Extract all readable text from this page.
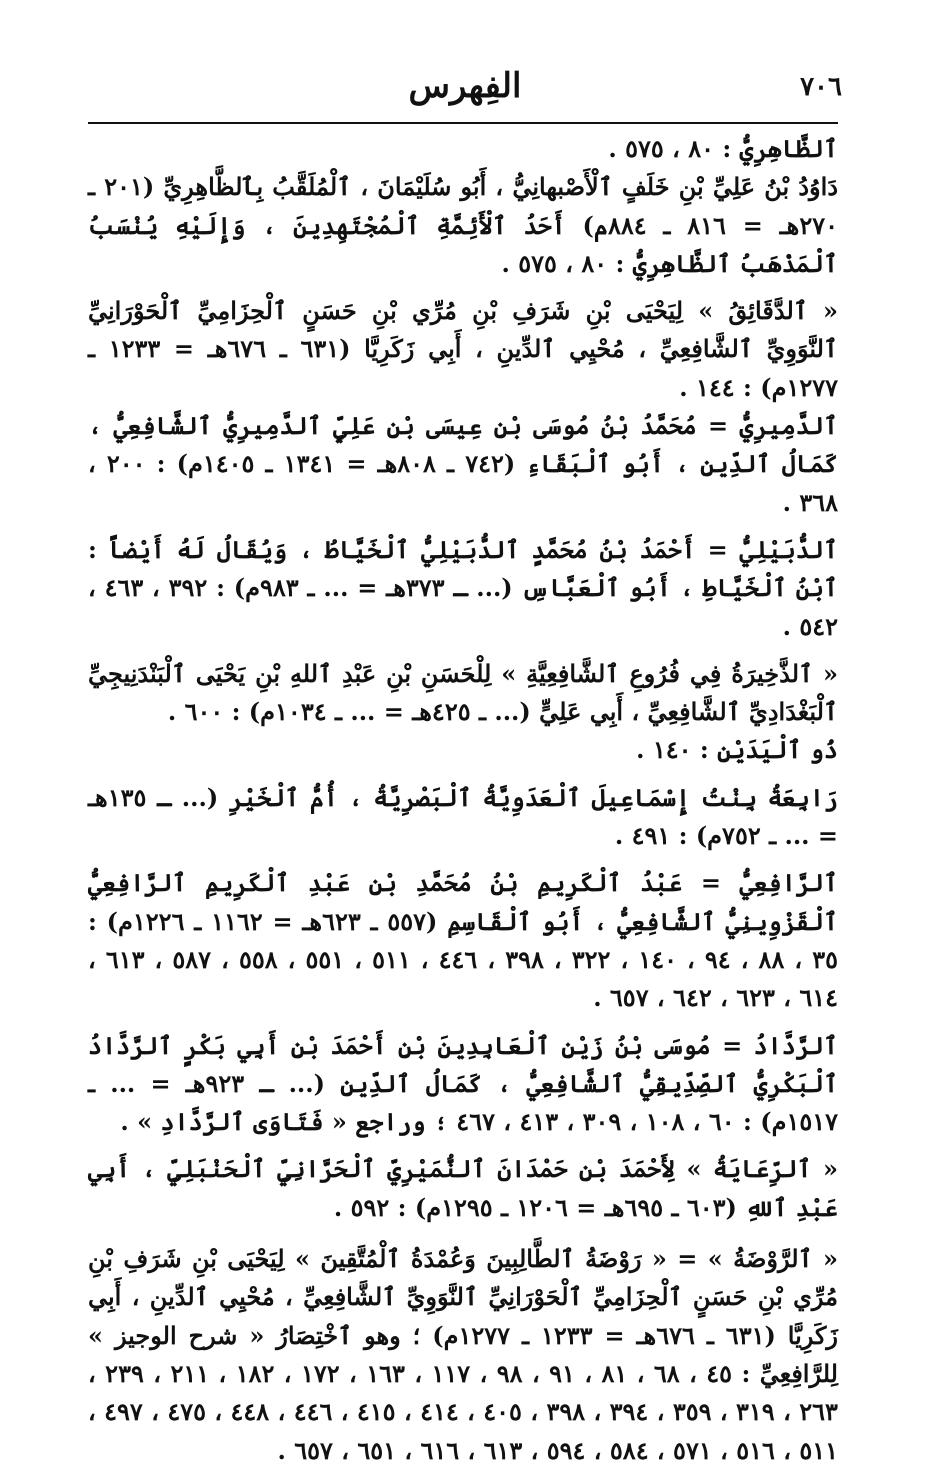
٧٠٦
الفِهرس

ٱلظَّاهِرِيُّ : ٨٠ ، ٥٧٥ .

دَاوُدُ بْنُ عَلِيِّ بْنِ خَلَفٍ ٱلْأَصْبهانِيُّ ، أَبُو سُلَيْمَانَ ، ٱلْمُلَقَّبُ بِٱلظَّاهِرِيِّ (٢٠١ ـ ٢٧٠هـ = ٨١٦ ـ ٨٨٤م) أَحَدُ ٱلْأَئِمَّةِ ٱلْمُجْتَهِدِينَ ، وَإِلَيْهِ يُنْسَبُ ٱلْمَذْهَبُ ٱلظَّاهِرِيُّ : ٨٠ ، ٥٧٥ .

« ٱلدَّقَائِقُ » لِيَحْيَى بْنِ شَرَفِ بْنِ مُرِّي بْنِ حَسَنٍ ٱلْحِزَامِيِّ ٱلْحَوْرَانِيِّ ٱلنَّوَوِيِّ ٱلشَّافِعِيِّ ، مُحْيِي ٱلدِّينِ ، أَبِي زَكَرِيَّا (٦٣١ ـ ٦٧٦هـ = ١٢٣٣ ـ ١٢٧٧م) : ١٤٤ .

ٱلدَّمِيرِيُّ = مُحَمَّدُ بْنُ مُوسَى بْنِ عِيسَى بْنِ عَلِيٍّ ٱلدَّمِيرِيُّ ٱلشَّافِعِيُّ ، كَمَالُ ٱلدِّينِ ، أَبُو ٱلْبَقَاءِ (٧٤٢ ـ ٨٠٨هـ = ١٣٤١ ـ ١٤٠٥م) : ٢٠٠ ، ٣٦٨ .

ٱلدُّبَيْلِيُّ = أَحْمَدُ بْنُ مُحَمَّدٍ ٱلدُّبَيْلِيُّ ٱلْخَيَّاطُ ، وَيُقَالُ لَهُ أَيْضاً : ٱبْنُ ٱلْخَيَّاطِ ، أَبُو ٱلْعَبَّاسِ (... ـ ٣٧٣هـ = ... ـ ٩٨٣م) : ٣٩٢ ، ٤٦٣ ، ٥٤٢ .

« ٱلذَّخِيرَةُ فِي فُرُوعِ ٱلشَّافِعِيَّةِ » لِلْحَسَنِ بْنِ عَبْدِ ٱللهِ بْنِ يَحْيَى ٱلْبَنْدَنِيجِيِّ ٱلْبَغْدَادِيِّ ٱلشَّافِعِيِّ ، أَبِي عَلِيٍّ (... ـ ٤٢٥هـ = ... ـ ١٠٣٤م) : ٦٠٠ .

ذُو ٱلْيَدَيْنِ : ١٤٠ .

رَابِعَةُ بِنْتُ إِسْمَاعِيلَ ٱلْعَدَوِيَّةُ ٱلْبَصْرِيَّةُ ، أُمُّ ٱلْخَيْرِ (... ـ ١٣٥هـ = ... ـ ٧٥٢م) : ٤٩١ .

ٱلرَّافِعِيُّ = عَبْدُ ٱلْكَرِيمِ بْنُ مُحَمَّدِ بْنِ عَبْدِ ٱلْكَرِيمِ ٱلرَّافِعِيُّ ٱلْقَزْوِينِيُّ ٱلشَّافِعِيُّ ، أَبُو ٱلْقَاسِمِ (٥٥٧ ـ ٦٢٣هـ = ١١٦٢ ـ ١٢٢٦م) : ٣٥ ، ٨٨ ، ٩٤ ، ١٤٠ ، ٣٢٢ ، ٣٩٨ ، ٤٤٦ ، ٥١١ ، ٥٥١ ، ٥٥٨ ، ٥٨٧ ، ٦١٣ ، ٦١٤ ، ٦٢٣ ، ٦٤٢ ، ٦٥٧ .

ٱلرَّدَّادُ = مُوسَى بْنُ زَيْنِ ٱلْعَابِدِينَ بْنِ أَحْمَدَ بْنِ أَبِي بَكْرٍ ٱلرَّدَّادُ ٱلْبَكْرِيُّ ٱلصِّدِّيقِيُّ ٱلشَّافِعِيُّ ، كَمَالُ ٱلدِّينِ (... ـ ٩٢٣هـ = ... ـ ١٥١٧م) : ٦٠ ، ١٠٨ ، ٣٠٩ ، ٤١٣ ، ٤٦٧ ؛ وراجع « فَتَاوَى ٱلرَّدَّادِ » .

« ٱلرِّعَايَةُ » لِأَحْمَدَ بْنِ حَمْدَانَ ٱلنُّمَيْرِيِّ ٱلْحَرَّانِيِّ ٱلْحَنْبَلِيِّ ، أَبِي عَبْدِ ٱللهِ (٦٠٣ ـ ٦٩٥هـ = ١٢٠٦ ـ ١٢٩٥م) : ٥٩٢ .

« ٱلرَّوْضَةُ » = « رَوْضَةُ ٱلطَّالِبِينَ وَعُمْدَةُ ٱلْمُتَّقِينَ » لِيَحْيَى بْنِ شَرَفِ بْنِ مُرِّي بْنِ حَسَنٍ ٱلْحِزَامِيِّ ٱلْحَوْرَانِيِّ ٱلنَّوَوِيِّ ٱلشَّافِعِيِّ ، مُحْيِي ٱلدِّينِ ، أَبِي زَكَرِيَّا (٦٣١ ـ ٦٧٦هـ = ١٢٣٣ ـ ١٢٧٧م) ؛ وهو ٱخْتِصَارُ « شرح الوجيز » لِلرَّافِعِيِّ : ٤٥ ، ٦٨ ، ٨١ ، ٩١ ، ٩٨ ، ١١٧ ، ١٦٣ ، ١٧٢ ، ١٨٢ ، ٢١١ ، ٢٣٩ ، ٢٦٣ ، ٣١٩ ، ٣٥٩ ، ٣٩٤ ، ٣٩٨ ، ٤٠٥ ، ٤١٤ ، ٤١٥ ، ٤٤٦ ، ٤٤٨ ، ٤٧٥ ، ٤٩٧ ، ٥١١ ، ٥١٦ ، ٥٧١ ، ٥٨٤ ، ٥٩٤ ، ٦١٣ ، ٦١٦ ، ٦٥١ ، ٦٥٧ .
